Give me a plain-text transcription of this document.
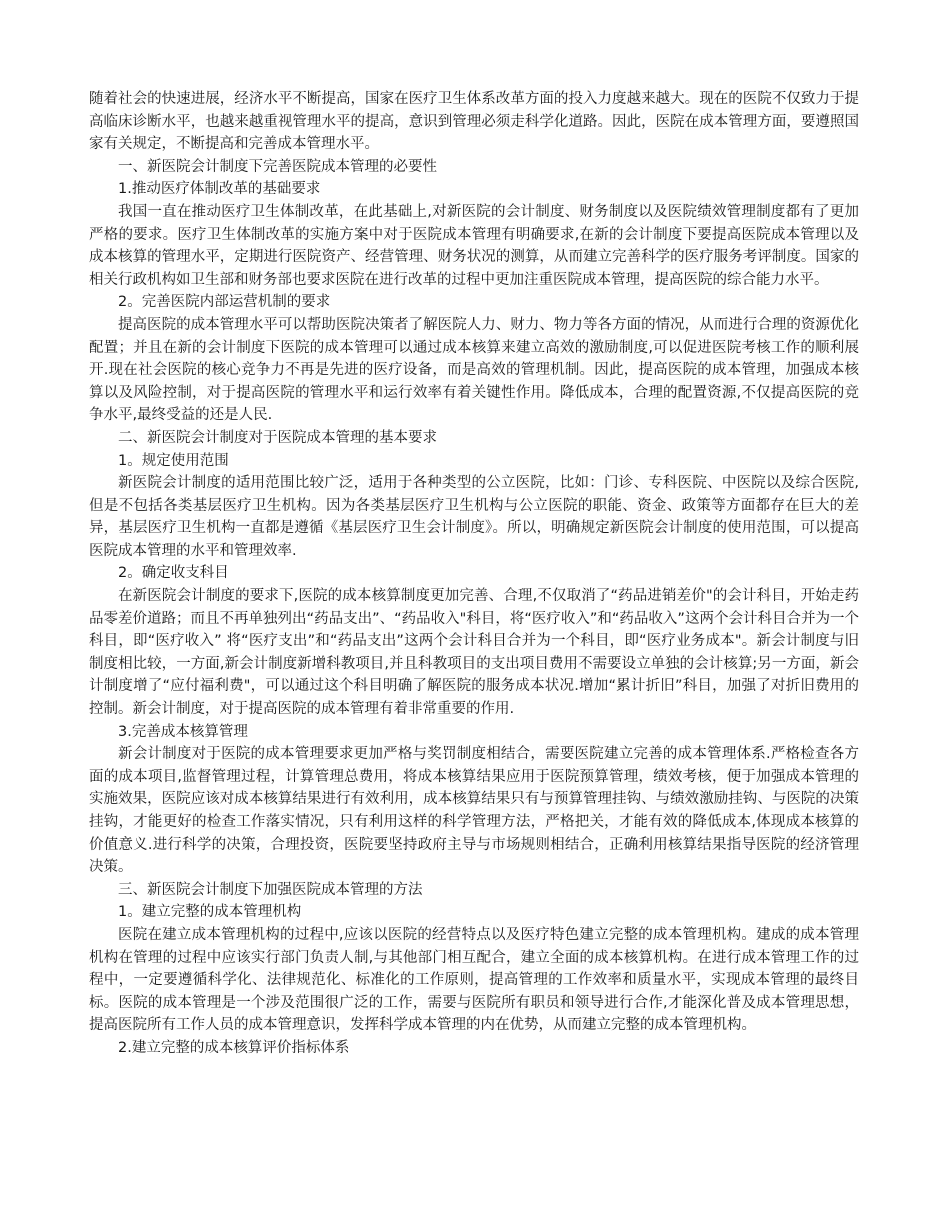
随着社会的快速进展，经济水平不断提高，国家在医疗卫生体系改革方面的投入力度越来越大。现在的医院不仅致力于提高临床诊断水平，也越来越重视管理水平的提高，意识到管理必须走科学化道路。因此，医院在成本管理方面，要遵照国家有关规定，不断提高和完善成本管理水平。

一、新医院会计制度下完善医院成本管理的必要性

1.推动医疗体制改革的基础要求

我国一直在推动医疗卫生体制改革，在此基础上,对新医院的会计制度、财务制度以及医院绩效管理制度都有了更加严格的要求。医疗卫生体制改革的实施方案中对于医院成本管理有明确要求,在新的会计制度下要提高医院成本管理以及成本核算的管理水平，定期进行医院资产、经营管理、财务状况的测算，从而建立完善科学的医疗服务考评制度。国家的相关行政机构如卫生部和财务部也要求医院在进行改革的过程中更加注重医院成本管理，提高医院的综合能力水平。

2。完善医院内部运营机制的要求

提高医院的成本管理水平可以帮助医院决策者了解医院人力、财力、物力等各方面的情况，从而进行合理的资源优化配置；并且在新的会计制度下医院的成本管理可以通过成本核算来建立高效的激励制度,可以促进医院考核工作的顺利展开.现在社会医院的核心竞争力不再是先进的医疗设备，而是高效的管理机制。因此，提高医院的成本管理，加强成本核算以及风险控制，对于提高医院的管理水平和运行效率有着关键性作用。降低成本，合理的配置资源,不仅提高医院的竞争水平,最终受益的还是人民.

二、新医院会计制度对于医院成本管理的基本要求

1。规定使用范围

新医院会计制度的适用范围比较广泛，适用于各种类型的公立医院，比如：门诊、专科医院、中医院以及综合医院,但是不包括各类基层医疗卫生机构。因为各类基层医疗卫生机构与公立医院的职能、资金、政策等方面都存在巨大的差异，基层医疗卫生机构一直都是遵循《基层医疗卫生会计制度》。所以，明确规定新医院会计制度的使用范围，可以提高医院成本管理的水平和管理效率.

2。确定收支科目

在新医院会计制度的要求下,医院的成本核算制度更加完善、合理,不仅取消了“药品进销差价"的会计科目，开始走药品零差价道路；而且不再单独列出“药品支出”、“药品收入"科目，将“医疗收入”和“药品收入”这两个会计科目合并为一个科目，即“医疗收入” 将“医疗支出”和“药品支出”这两个会计科目合并为一个科目，即“医疗业务成本"。新会计制度与旧制度相比较，一方面,新会计制度新增科教项目,并且科教项目的支出项目费用不需要设立单独的会计核算;另一方面，新会计制度增了“应付福利费"，可以通过这个科目明确了解医院的服务成本状况.增加“累计折旧”科目，加强了对折旧费用的控制。新会计制度，对于提高医院的成本管理有着非常重要的作用.

3.完善成本核算管理

新会计制度对于医院的成本管理要求更加严格与奖罚制度相结合，需要医院建立完善的成本管理体系.严格检查各方面的成本项目,监督管理过程，计算管理总费用，将成本核算结果应用于医院预算管理，绩效考核，便于加强成本管理的实施效果，医院应该对成本核算结果进行有效利用，成本核算结果只有与预算管理挂钩、与绩效激励挂钩、与医院的决策挂钩，才能更好的检查工作落实情况，只有利用这样的科学管理方法，严格把关，才能有效的降低成本,体现成本核算的价值意义.进行科学的决策，合理投资，医院要坚持政府主导与市场规则相结合，正确利用核算结果指导医院的经济管理决策。

三、新医院会计制度下加强医院成本管理的方法

1。建立完整的成本管理机构

医院在建立成本管理机构的过程中,应该以医院的经营特点以及医疗特色建立完整的成本管理机构。建成的成本管理机构在管理的过程中应该实行部门负责人制,与其他部门相互配合，建立全面的成本核算机构。在进行成本管理工作的过程中，一定要遵循科学化、法律规范化、标准化的工作原则，提高管理的工作效率和质量水平，实现成本管理的最终目标。医院的成本管理是一个涉及范围很广泛的工作，需要与医院所有职员和领导进行合作,才能深化普及成本管理思想，提高医院所有工作人员的成本管理意识，发挥科学成本管理的内在优势，从而建立完整的成本管理机构。

2.建立完整的成本核算评价指标体系
